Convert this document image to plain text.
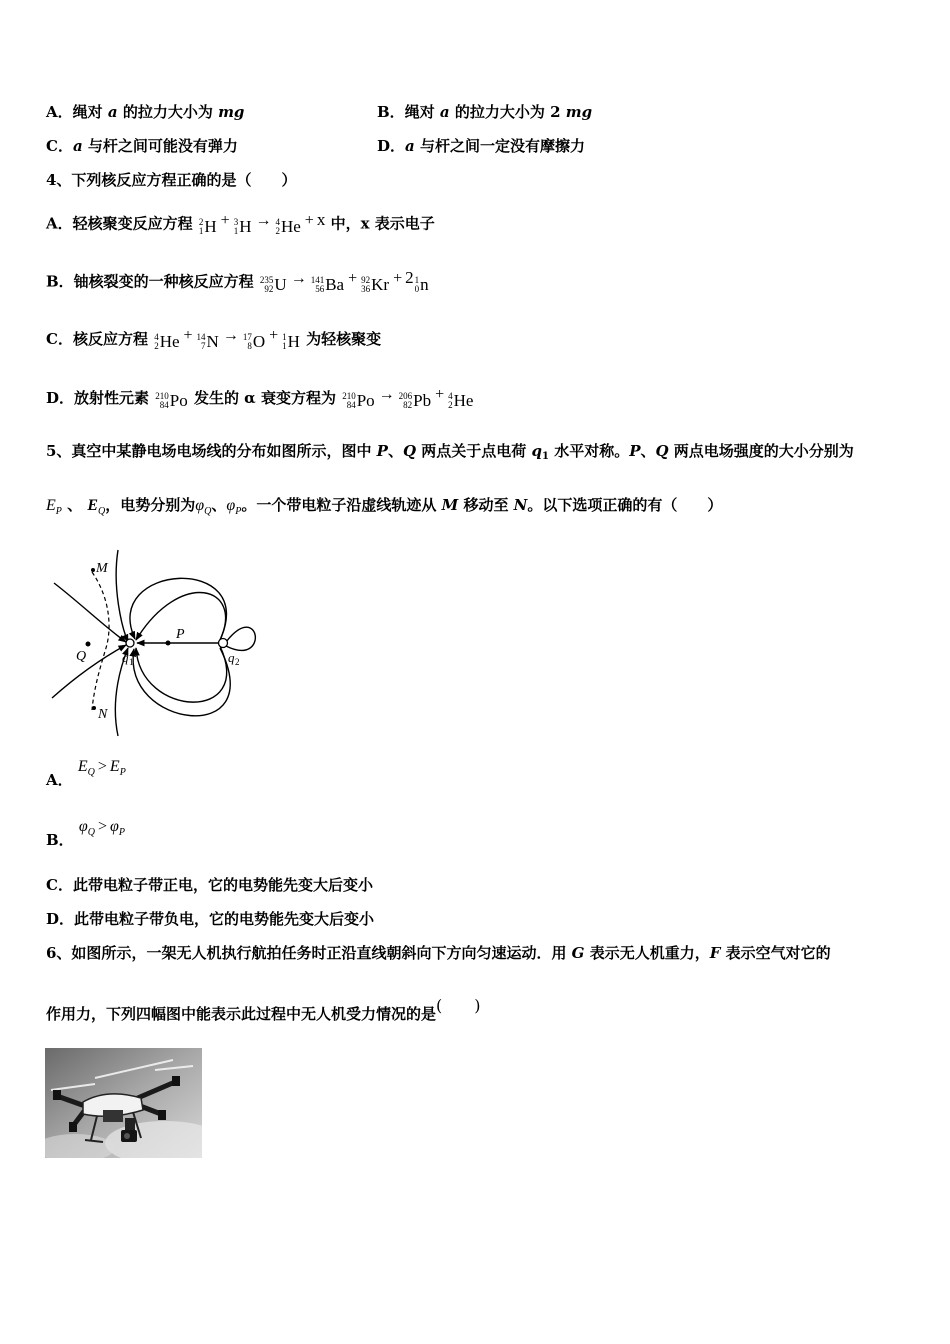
A．绳对 a 的拉力大小为 mg	B．绳对 a 的拉力大小为 2 mg
C．a 与杆之间可能没有弹力	D．a 与杆之间一定没有摩擦力
4、下列核反应方程正确的是（　　）
A．轻核聚变反应方程 2
1 H + 3
1 H → 4
2 He + x 中，x 表示电子
B．铀核裂变的一种核反应方程 235
92 U → 141
56 Ba + 92
36 Kr + 2 1
0 n
C．核反应方程 4
2 He + 14
7 N → 17
8 O + 1
1 H 为轻核聚变
D．放射性元素 210
84 Po 发生的 α 衰变方程为 210
84 Po → 206
82 Pb + 4
2 He
5、真空中某静电场电场线的分布如图所示，图中 P、Q 两点关于点电荷 $q_1$ 水平对称。P、Q 两点电场强度的大小分别为
$E_P$ 、 $E_Q$，电势分别为$\varphi_Q$、$\varphi_P$。一个带电粒子沿虚线轨迹从 M 移动至 N。以下选项正确的有（　　）
M
P
Q	q 1	q 2
N
A． $E_Q > E_P$
B． $\varphi_Q > \varphi_P$
C．此带电粒子带正电，它的电势能先变大后变小
D．此带电粒子带负电，它的电势能先变大后变小
6、如图所示，一架无人机执行航拍任务时正沿直线朝斜向下方向匀速运动．用 G 表示无人机重力，F 表示空气对它的
作用力，下列四幅图中能表示此过程中无人机受力情况的是(　　)
